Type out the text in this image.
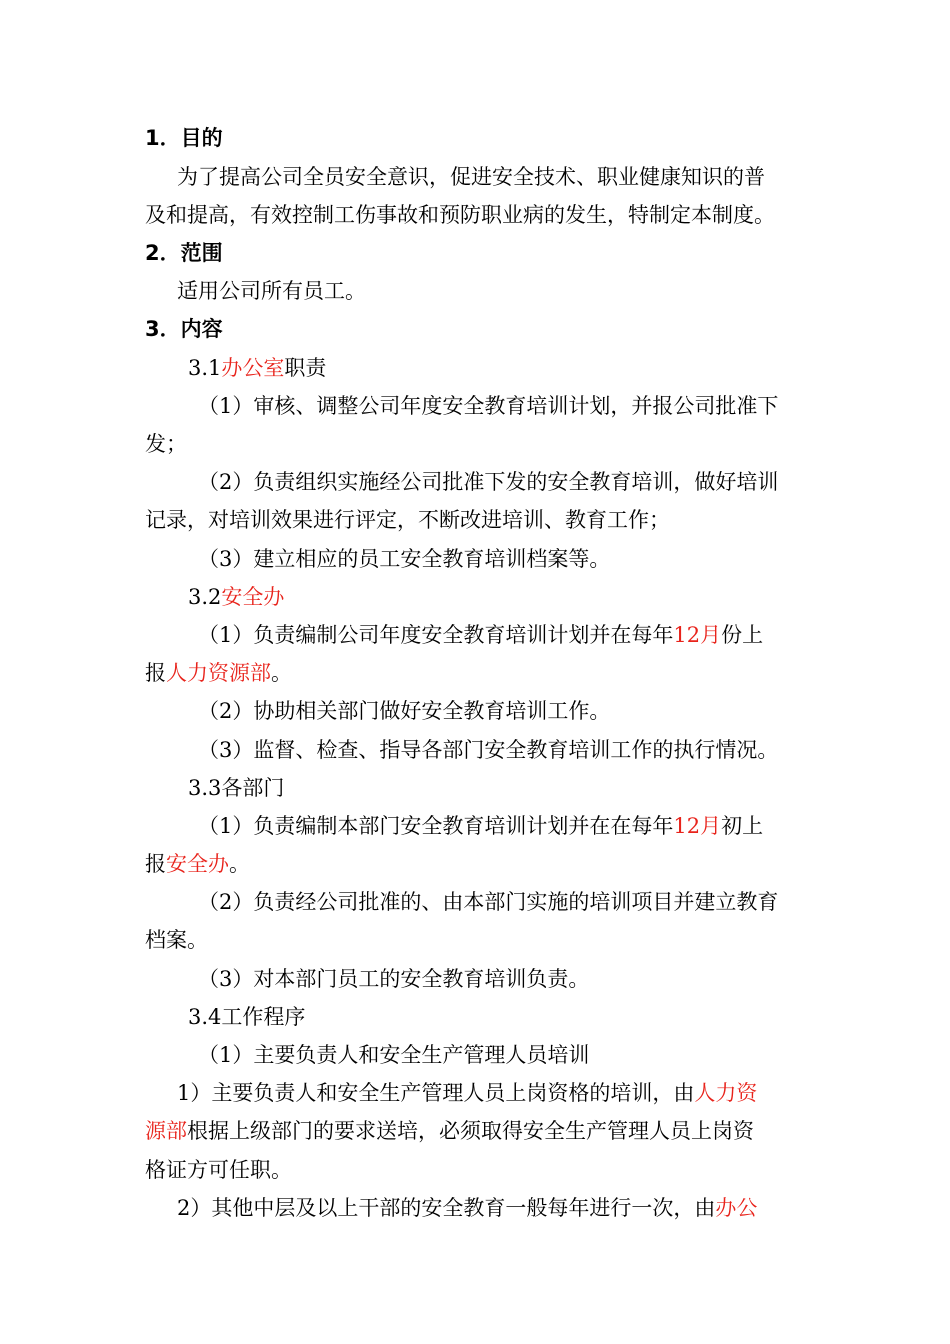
1．目的
为了提高公司全员安全意识，促进安全技术、职业健康知识的普
及和提高，有效控制工伤事故和预防职业病的发生，特制定本制度。
2．范围
适用公司所有员工。
3．内容
3.1办公室职责
（1）审核、调整公司年度安全教育培训计划，并报公司批准下
发；
（2）负责组织实施经公司批准下发的安全教育培训，做好培训
记录，对培训效果进行评定，不断改进培训、教育工作；
（3）建立相应的员工安全教育培训档案等。
3.2安全办
（1）负责编制公司年度安全教育培训计划并在每年12月份上
报人力资源部。
（2）协助相关部门做好安全教育培训工作。
（3）监督、检查、指导各部门安全教育培训工作的执行情况。
3.3各部门
（1）负责编制本部门安全教育培训计划并在在每年12月初上
报安全办。
（2）负责经公司批准的、由本部门实施的培训项目并建立教育
档案。
（3）对本部门员工的安全教育培训负责。
3.4工作程序
（1）主要负责人和安全生产管理人员培训
1）主要负责人和安全生产管理人员上岗资格的培训，由人力资
源部根据上级部门的要求送培，必须取得安全生产管理人员上岗资
格证方可任职。
2）其他中层及以上干部的安全教育一般每年进行一次，由办公
